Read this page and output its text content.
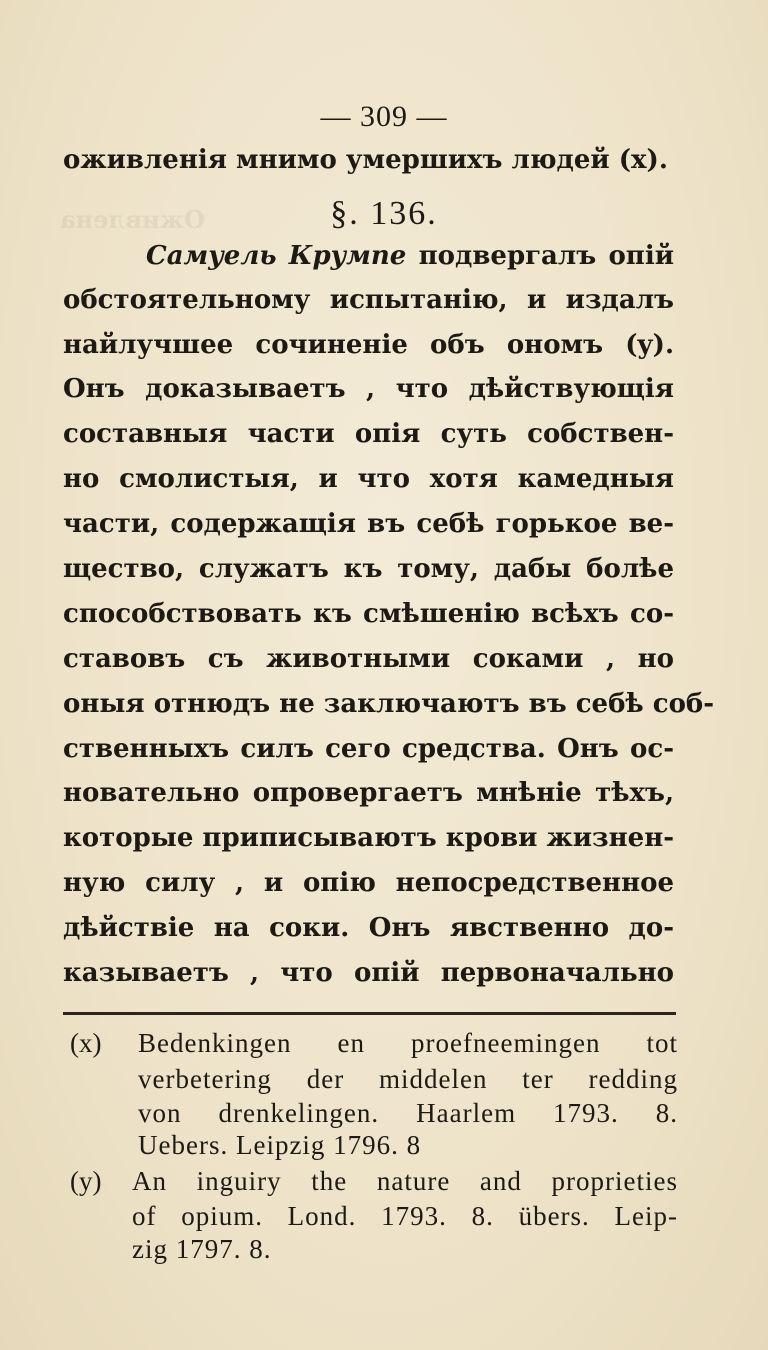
Оживлена

— 309 —
оживленія мнимо умершихъ людей (x).
§. 136.
Самуель Крумпе подвергалъ опій
обстоятельному испытанію, и издалъ
найлучшее сочиненіе объ ономъ (y).
Онъ доказываетъ , что дѣйствующія
составныя части опія суть собствен-
но смолистыя, и что хотя камедныя
части, содержащія въ себѣ горькое ве-
щество, служатъ къ тому, дабы болѣе
способствовать къ смѣшенію всѣхъ со-
ставовъ съ животными соками , но
оныя отнюдъ не заключаютъ въ себѣ соб-
ственныхъ силъ сего средства. Онъ ос-
новательно опровергаетъ мнѣніе тѣхъ,
которые приписываютъ крови жизнен-
ную силу , и опію непосредственное
дѣйствіе на соки. Онъ явственно до-
казываетъ , что опій первоначально
(x) Bedenkingen en proefneemingen tot
verbetering der middelen ter redding
von drenkelingen. Haarlem 1793. 8.
Uebers. Leipzig 1796. 8
(y) An inguiry the nature and proprieties
of opium. Lond. 1793. 8. übers. Leip-
zig 1797. 8.
